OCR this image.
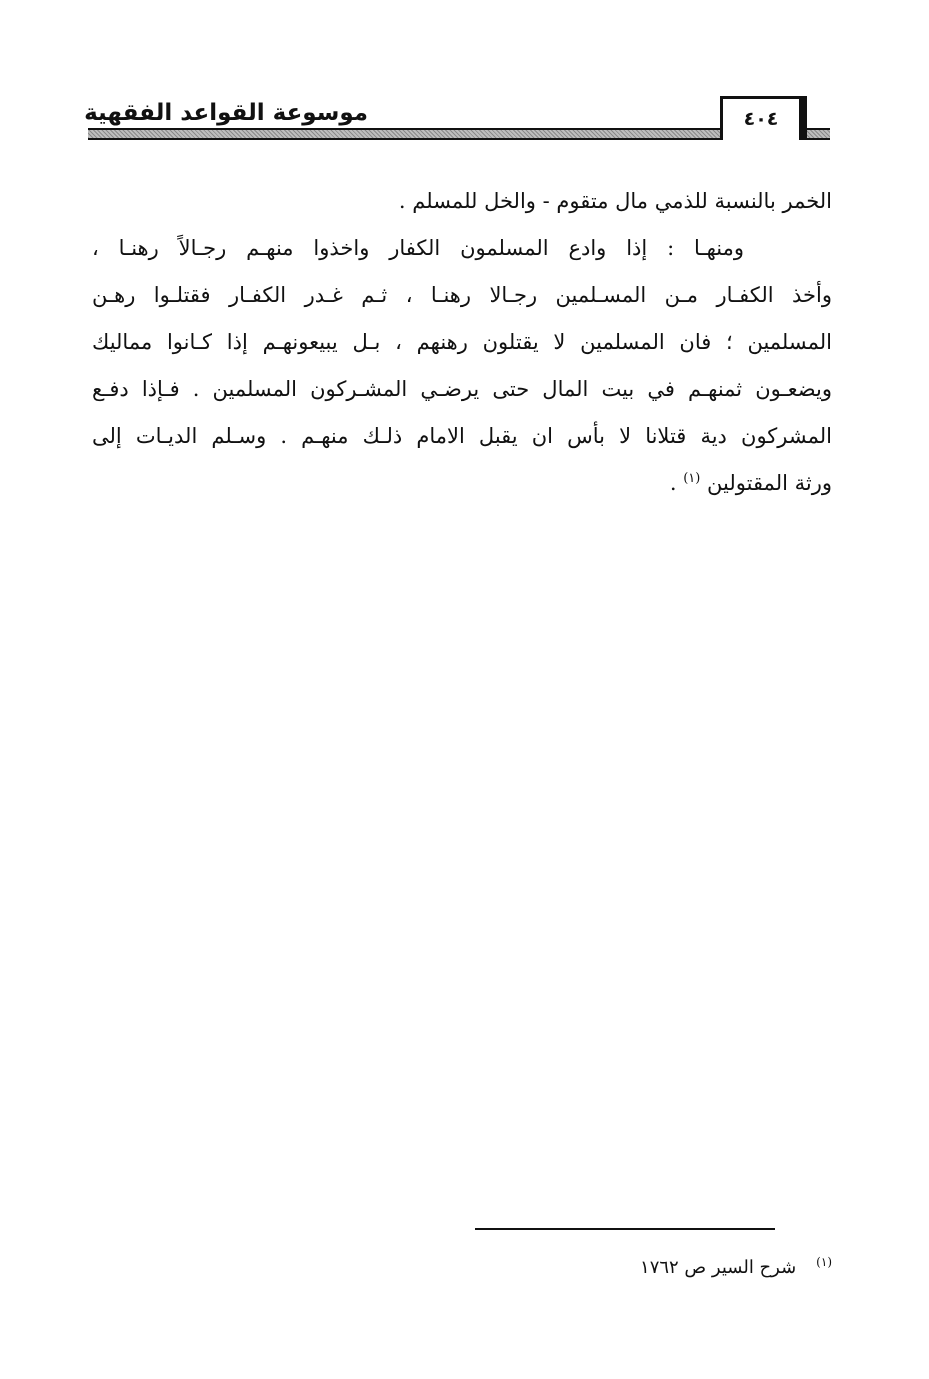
موسوعة القواعد الفقهية	٤٠٤
الخمر بالنسبة للذمي مال متقوم - والخل للمسلم .
ومنهـا : إذا وادع المسلمون الكفار واخذوا منهـم رجـالاً رهنـا ،
وأخذ الكفـار مـن المسـلمين رجـالا رهنـا ، ثـم غـدر الكفـار فقتلـوا رهـن
المسلمين ؛ فان المسلمين لا يقتلون رهنهم ، بـل يبيعونهـم إذا كـانوا مماليك
ويضعـون ثمنهـم في بيت المال حتى يرضـي المشـركون المسلمين . فـإذا دفـع
المشركون دية قتلانا لا بأس ان يقبل الامام ذلـك منهـم . وسـلم الديـات إلى
ورثة المقتولين $^{(١)}$ .
$^{(١)}$شرح السير ص ١٧٦٢
